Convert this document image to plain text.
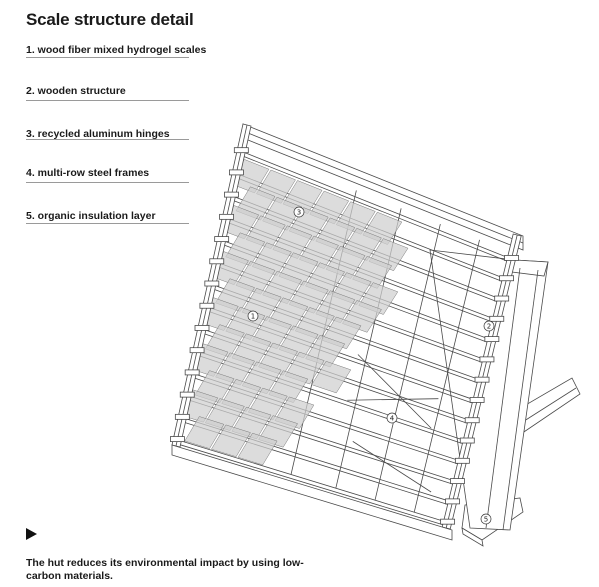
Scale structure detail
1. wood fiber mixed hydrogel scales
2. wooden structure
3. recycled aluminum hinges
4. multi-row steel frames
5. organic insulation layer
1
2
3
4
5

The hut reduces its environmental impact by using low-carbon materials.
